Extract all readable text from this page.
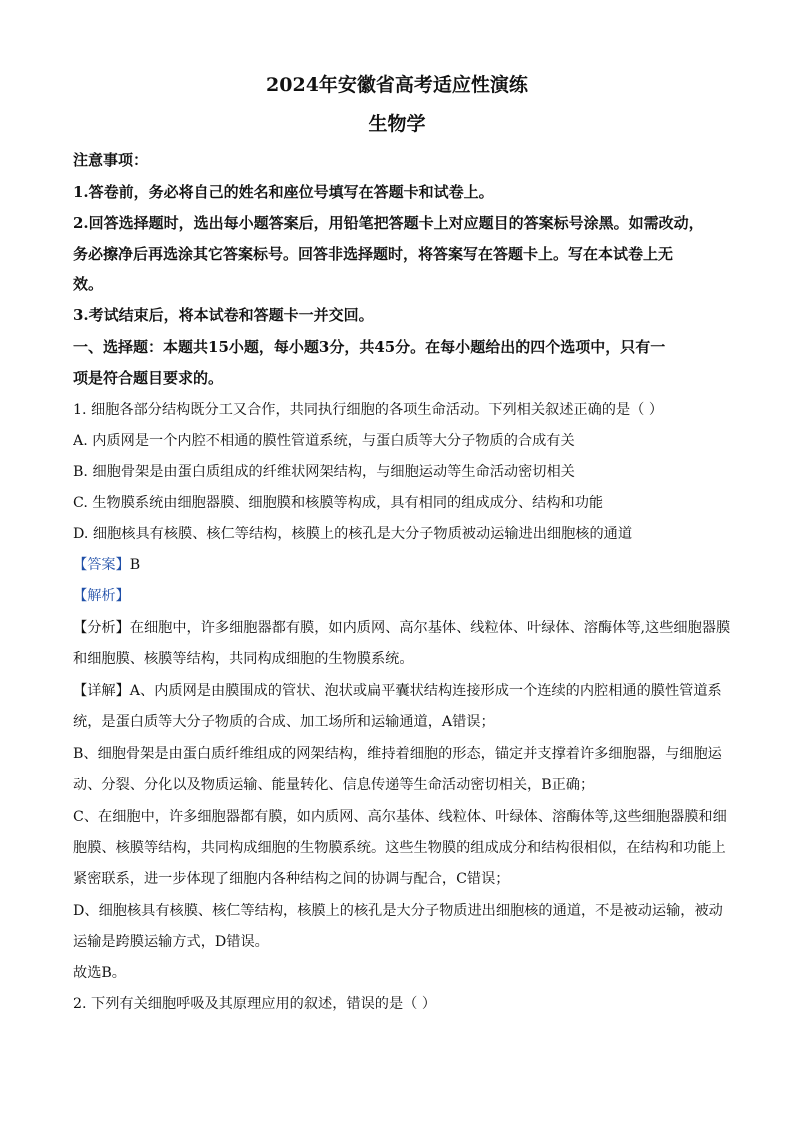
2024年安徽省高考适应性演练
生物学
注意事项：
1.答卷前，务必将自己的姓名和座位号填写在答题卡和试卷上。
2.回答选择题时，选出每小题答案后，用铅笔把答题卡上对应题目的答案标号涂黑。如需改动，
务必擦净后再选涂其它答案标号。回答非选择题时，将答案写在答题卡上。写在本试卷上无
效。
3.考试结束后，将本试卷和答题卡一并交回。
一、选择题：本题共15小题，每小题3分，共45分。在每小题给出的四个选项中，只有一
项是符合题目要求的。
1. 细胞各部分结构既分工又合作，共同执行细胞的各项生命活动。下列相关叙述正确的是（ ）
A. 内质网是一个内腔不相通的膜性管道系统，与蛋白质等大分子物质的合成有关
B. 细胞骨架是由蛋白质组成的纤维状网架结构，与细胞运动等生命活动密切相关
C. 生物膜系统由细胞器膜、细胞膜和核膜等构成，具有相同的组成成分、结构和功能
D. 细胞核具有核膜、核仁等结构，核膜上的核孔是大分子物质被动运输进出细胞核的通道
【答案】B
【解析】
【分析】在细胞中，许多细胞器都有膜，如内质网、高尔基体、线粒体、叶绿体、溶酶体等,这些细胞器膜
和细胞膜、核膜等结构，共同构成细胞的生物膜系统。
【详解】A、内质网是由膜围成的管状、泡状或扁平囊状结构连接形成一个连续的内腔相通的膜性管道系
统，是蛋白质等大分子物质的合成、加工场所和运输通道，A错误；
B、细胞骨架是由蛋白质纤维组成的网架结构，维持着细胞的形态，锚定并支撑着许多细胞器，与细胞运
动、分裂、分化以及物质运输、能量转化、信息传递等生命活动密切相关，B正确；
C、在细胞中，许多细胞器都有膜，如内质网、高尔基体、线粒体、叶绿体、溶酶体等,这些细胞器膜和细
胞膜、核膜等结构，共同构成细胞的生物膜系统。这些生物膜的组成成分和结构很相似，在结构和功能上
紧密联系，进一步体现了细胞内各种结构之间的协调与配合，C错误；
D、细胞核具有核膜、核仁等结构，核膜上的核孔是大分子物质进出细胞核的通道，不是被动运输，被动
运输是跨膜运输方式，D错误。
故选B。
2. 下列有关细胞呼吸及其原理应用的叙述，错误的是（ ）
